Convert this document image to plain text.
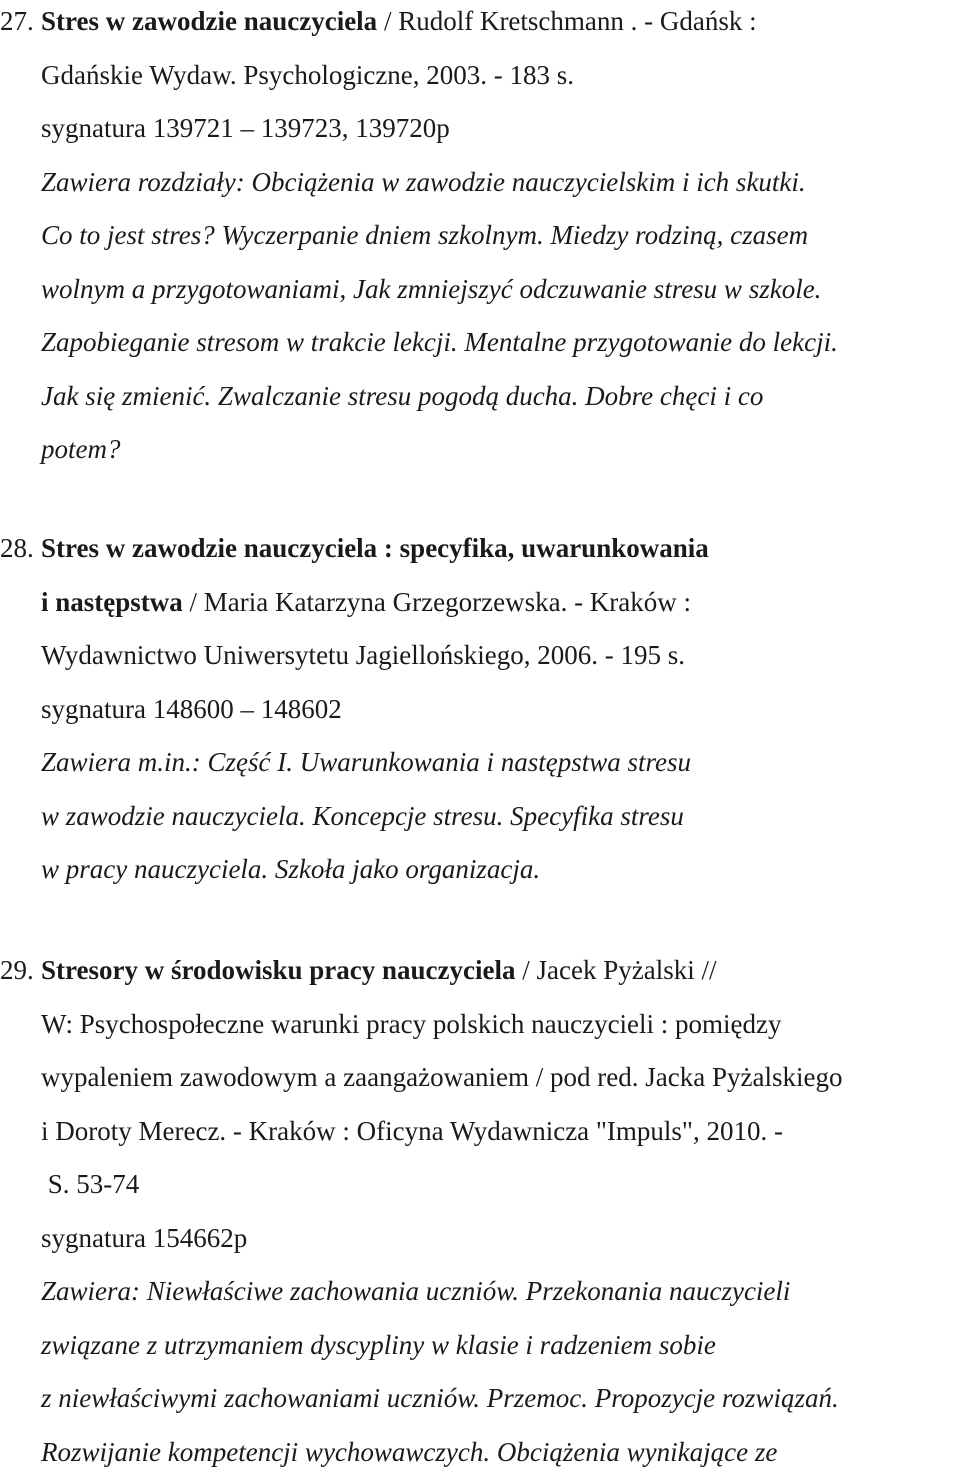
27. Stres w zawodzie nauczyciela / Rudolf Kretschmann . - Gdańsk :
Gdańskie Wydaw. Psychologiczne, 2003. - 183 s.
sygnatura 139721 – 139723, 139720p
Zawiera rozdziały: Obciążenia w zawodzie nauczycielskim i ich skutki.
Co to jest stres? Wyczerpanie dniem szkolnym. Miedzy rodziną, czasem
wolnym a przygotowaniami, Jak zmniejszyć odczuwanie stresu w szkole.
Zapobieganie stresom w trakcie lekcji. Mentalne przygotowanie do lekcji.
Jak się zmienić. Zwalczanie stresu pogodą ducha. Dobre chęci i co
potem?
28. Stres w zawodzie nauczyciela : specyfika, uwarunkowania
i następstwa / Maria Katarzyna Grzegorzewska. - Kraków :
Wydawnictwo Uniwersytetu Jagiellońskiego, 2006. - 195 s.
sygnatura 148600 – 148602
Zawiera m.in.: Część I. Uwarunkowania i następstwa stresu
w zawodzie nauczyciela. Koncepcje stresu. Specyfika stresu
w pracy nauczyciela. Szkoła jako organizacja.
29. Stresory w środowisku pracy nauczyciela / Jacek Pyżalski //
W: Psychospołeczne warunki pracy polskich nauczycieli : pomiędzy
wypaleniem zawodowym a zaangażowaniem / pod red. Jacka Pyżalskiego
i Doroty Merecz. - Kraków : Oficyna Wydawnicza "Impuls", 2010. -
S. 53-74
sygnatura 154662p
Zawiera: Niewłaściwe zachowania uczniów. Przekonania nauczycieli
związane z utrzymaniem dyscypliny w klasie i radzeniem sobie
z niewłaściwymi zachowaniami uczniów. Przemoc. Propozycje rozwiązań.
Rozwijanie kompetencji wychowawczych. Obciążenia wynikające ze
